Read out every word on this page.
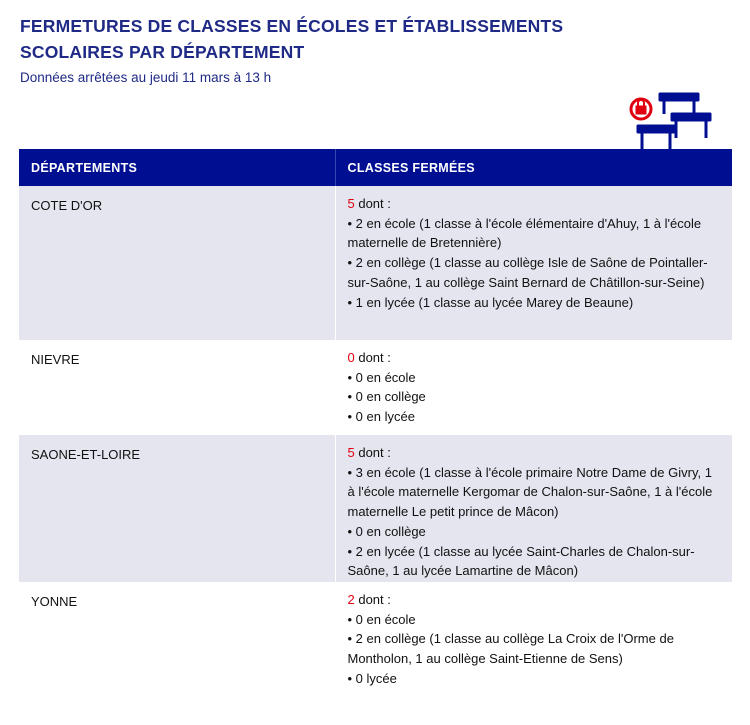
FERMETURES DE CLASSES EN ÉCOLES ET ÉTABLISSEMENTS
SCOLAIRES PAR DÉPARTEMENT

Données arrêtées au jeudi 11 mars à 13 h

DÉPARTEMENTS	CLASSES FERMÉES
COTE D'OR	5 dont :
• 2 en école (1 classe à l'école élémentaire d'Ahuy, 1 à l'école maternelle de Bretennière)
• 2 en collège (1 classe au collège Isle de Saône de Pointaller-sur-Saône, 1 au collège Saint Bernard de Châtillon-sur-Seine)
• 1 en lycée (1 classe au lycée Marey de Beaune)

NIEVRE	0 dont :
• 0 en école
• 0 en collège
• 0 en lycée

SAONE-ET-LOIRE	5 dont :
• 3 en école (1 classe à l'école primaire Notre Dame de Givry, 1 à l'école maternelle Kergomar de Chalon-sur-Saône, 1 à l'école maternelle Le petit prince de Mâcon)
• 0 en collège
• 2 en lycée (1 classe au lycée Saint-Charles de Chalon-sur-Saône, 1 au lycée Lamartine de Mâcon)

YONNE	2 dont :
• 0 en école
• 2 en collège (1 classe au collège La Croix de l'Orme de Montholon, 1 au collège Saint-Etienne de Sens)
• 0 lycée
